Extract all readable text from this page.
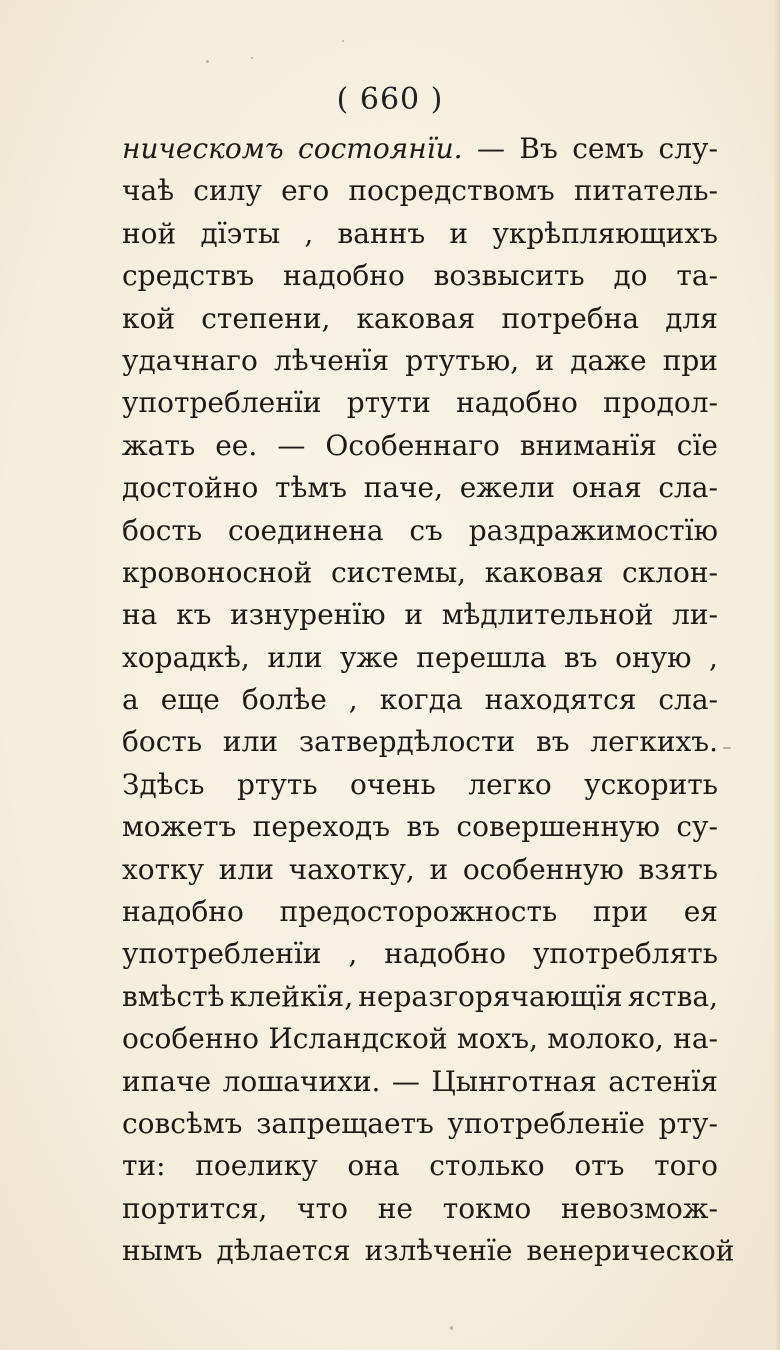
( 660 )
ническомъ состоянїи. — Въ семъ слу-
чаѣ силу его посредствомъ питатель-
ной дїэты , ваннъ и укрѣпляющихъ
средствъ надобно возвысить до та-
кой степени, каковая потребна для
удачнаго лѣченїя ртутью, и даже при
употребленїи ртути надобно продол-
жать ее. — Особеннаго вниманїя сїе
достойно тѣмъ паче, ежели оная сла-
бость соединена съ раздражимостїю
кровоносной системы, каковая склон-
на къ изнуренїю и мѣдлительной ли-
хорадкѣ, или уже перешла въ оную ,
а еще болѣе , когда находятся сла-
бость или затвердѣлости въ легкихъ.
Здѣсь ртуть очень легко ускорить
можетъ переходъ въ совершенную су-
хотку или чахотку, и особенную взять
надобно предосторожность при ея
употребленїи , надобно употреблять
вмѣстѣ клейкїя, неразгорячающїя яства,
особенно Исландской мохъ, молоко, на-
ипаче лошачихи. — Цынготная астенїя
совсѣмъ запрещаетъ употребленїе рту-
ти: поелику она столько отъ того
портится, что не токмо невозмож-
нымъ дѣлается излѣченїе венерической
